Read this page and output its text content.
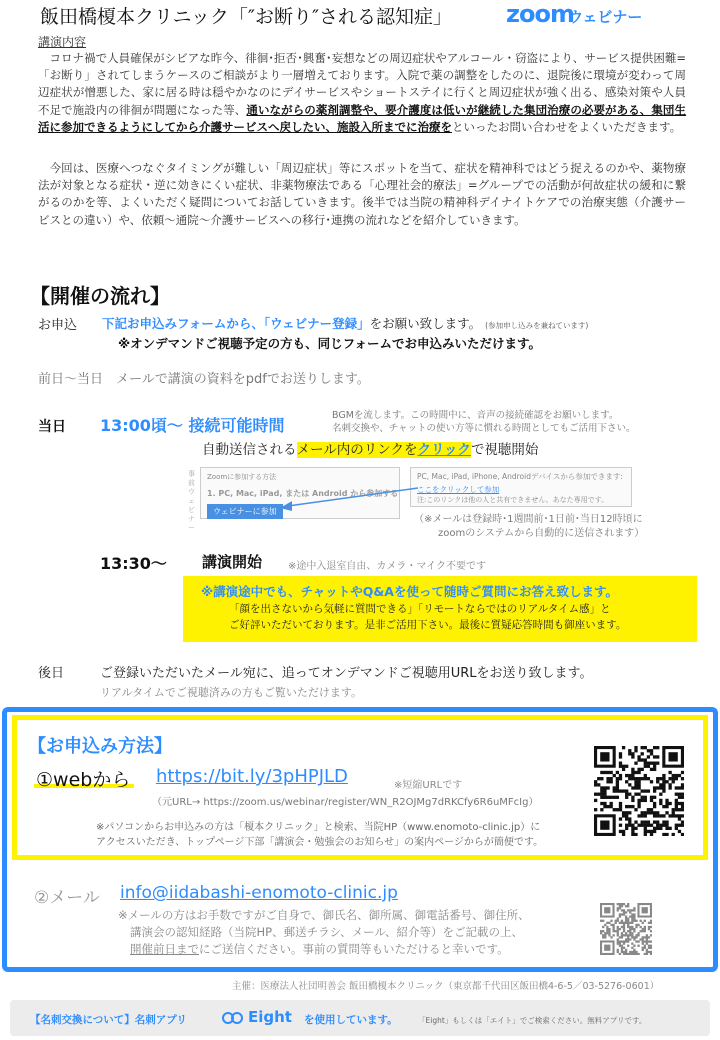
飯田橋榎本クリニック「″お断り″される認知症」 zoom
ウェビナー
講演内容
　コロナ禍で人員確保がシビアな昨今、徘徊･拒否･興奮･妄想などの周辺症状やアルコール・窃盗により、サービス提供困難=「お断り」されてしまうケースのご相談がより一層増えております。入院で薬の調整をしたのに、退院後に環境が変わって周辺症状が憎悪した、家に居る時は穏やかなのにデイサービスやショートステイに行くと周辺症状が強く出る、感染対策や人員不足で施設内の徘徊が問題になった等、通いながらの薬剤調整や、要介護度は低いが継続した集団治療の必要がある、集団生活に参加できるようにしてから介護サービスへ戻したい、施設入所までに治療をといったお問い合わせをよくいただきます。
　今回は、医療へつなぐタイミングが難しい「周辺症状」等にスポットを当て、症状を精神科ではどう捉えるのかや、薬物療法が対象となる症状・逆に効きにくい症状、非薬物療法である「心理社会的療法」=グループでの活動が何故症状の緩和に繋がるのかを等、よくいただく疑問についてお話していきます。後半では当院の精神科デイナイトケアでの治療実態（介護サービスとの違い）や、依頼～通院～介護サービスへの移行･連携の流れなどを紹介していきます。
【開催の流れ】
お申込 下記お申込みフォームから、「ウェビナー登録」をお願い致します。 (参加申し込みを兼ねています)
※オンデマンドご視聴予定の方も、同じフォームでお申込みいただけます。
前日～当日　メールで講演の資料をpdfでお送りします。
当日 13:00頃～ 接続可能時間
BGMを流します。この時間中に、音声の接続確認をお願いします。
名刺交換や、チャットの使い方等に慣れる時間としてもご活用下さい。
自動送信されるメール内のリンクをクリックで視聴開始
事前ウェビナー
Zoomに参加する方法
1. PC, Mac, iPad, または Android から参加する
ウェビナーに参加
PC, Mac, iPad, iPhone, Androidデバイスから参加できます:
ここをクリックして参加
注:このリンクは他の人と共有できません。あなた専用です。
（※メールは登録時･1週間前･1日前･当日12時頃に
zoomのシステムから自動的に送信されます）
13:30～ 講演開始	※途中入退室自由、カメラ・マイク不要です
※講演途中でも、チャットやQ&Aを使って随時ご質問にお答え致します。
「顔を出さないから気軽に質問できる」「リモートならではのリアルタイム感」と
ご好評いただいております。是非ご活用下さい。最後に質疑応答時間も御座います。
後日	ご登録いただいたメール宛に、追ってオンデマンドご視聴用URLをお送り致します。
リアルタイムでご視聴済みの方もご覧いただけます。
【お申込み方法】
①webから https://bit.ly/3pHPJLD	※短縮URLです
（元URL→ https://zoom.us/webinar/register/WN_R2OJMg7dRKCfy6R6uMFcIg）
※パソコンからお申込みの方は「榎本クリニック」と検索、当院HP（www.enomoto-clinic.jp）に
アクセスいただき、トップページ下部「講演会・勉強会のお知らせ」の案内ページからが簡便です。
②メール info@iidabashi-enomoto-clinic.jp
※メールの方はお手数ですがご自身で、御氏名、御所属、御電話番号、御住所、
講演会の認知経路（当院HP、郵送チラシ、メール、紹介等）をご記載の上、
開催前日までにご送信ください。事前の質問等もいただけると幸いです。
主催：医療法人社団明善会 飯田橋榎本クリニック（東京都千代田区飯田橋4-6-5／03-5276-0601）
【名刺交換について】名刺アプリ	Eight を使用しています。	「Eight」もしくは「エイト」でご検索ください。無料アプリです。
